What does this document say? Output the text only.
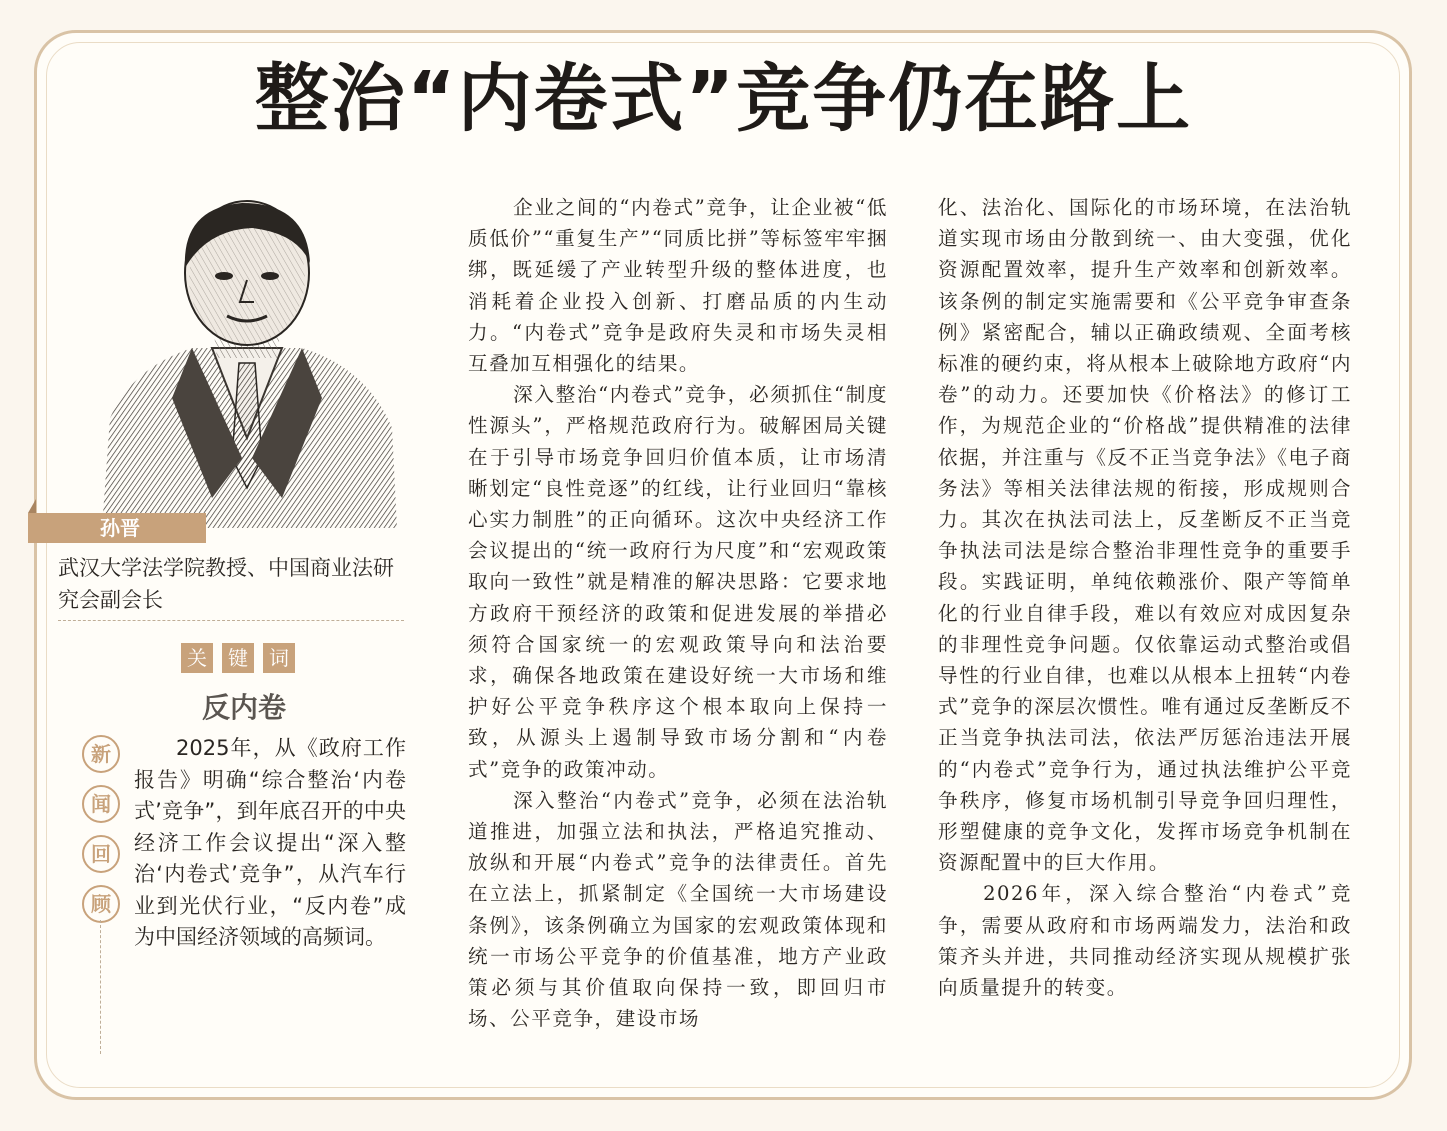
整治“内卷式”竞争仍在路上
孙晋
武汉大学法学院教授、中国商业法研究会副会长
关	键	词
反内卷
新
闻
回
顾
2025年，从《政府工作报告》明确“综合整治‘内卷式’竞争”，到年底召开的中央经济工作会议提出“深入整治‘内卷式’竞争”，从汽车行业到光伏行业，“反内卷”成为中国经济领域的高频词。

企业之间的“内卷式”竞争，让企业被“低质低价”“重复生产”“同质比拼”等标签牢牢捆绑，既延缓了产业转型升级的整体进度，也消耗着企业投入创新、打磨品质的内生动力。“内卷式”竞争是政府失灵和市场失灵相互叠加互相强化的结果。

深入整治“内卷式”竞争，必须抓住“制度性源头”，严格规范政府行为。破解困局关键在于引导市场竞争回归价值本质，让市场清晰划定“良性竞逐”的红线，让行业回归“靠核心实力制胜”的正向循环。这次中央经济工作会议提出的“统一政府行为尺度”和“宏观政策取向一致性”就是精准的解决思路：它要求地方政府干预经济的政策和促进发展的举措必须符合国家统一的宏观政策导向和法治要求，确保各地政策在建设好统一大市场和维护好公平竞争秩序这个根本取向上保持一致，从源头上遏制导致市场分割和“内卷式”竞争的政策冲动。

深入整治“内卷式”竞争，必须在法治轨道推进，加强立法和执法，严格追究推动、放纵和开展“内卷式”竞争的法律责任。首先在立法上，抓紧制定《全国统一大市场建设条例》，该条例确立为国家的宏观政策体现和统一市场公平竞争的价值基准，地方产业政策必须与其价值取向保持一致，即回归市场、公平竞争，建设市场

化、法治化、国际化的市场环境，在法治轨道实现市场由分散到统一、由大变强，优化资源配置效率，提升生产效率和创新效率。该条例的制定实施需要和《公平竞争审查条例》紧密配合，辅以正确政绩观、全面考核标准的硬约束，将从根本上破除地方政府“内卷”的动力。还要加快《价格法》的修订工作，为规范企业的“价格战”提供精准的法律依据，并注重与《反不正当竞争法》《电子商务法》等相关法律法规的衔接，形成规则合力。其次在执法司法上，反垄断反不正当竞争执法司法是综合整治非理性竞争的重要手段。实践证明，单纯依赖涨价、限产等简单化的行业自律手段，难以有效应对成因复杂的非理性竞争问题。仅依靠运动式整治或倡导性的行业自律，也难以从根本上扭转“内卷式”竞争的深层次惯性。唯有通过反垄断反不正当竞争执法司法，依法严厉惩治违法开展的“内卷式”竞争行为，通过执法维护公平竞争秩序，修复市场机制引导竞争回归理性，形塑健康的竞争文化，发挥市场竞争机制在资源配置中的巨大作用。

2026年，深入综合整治“内卷式”竞争，需要从政府和市场两端发力，法治和政策齐头并进，共同推动经济实现从规模扩张向质量提升的转变。
